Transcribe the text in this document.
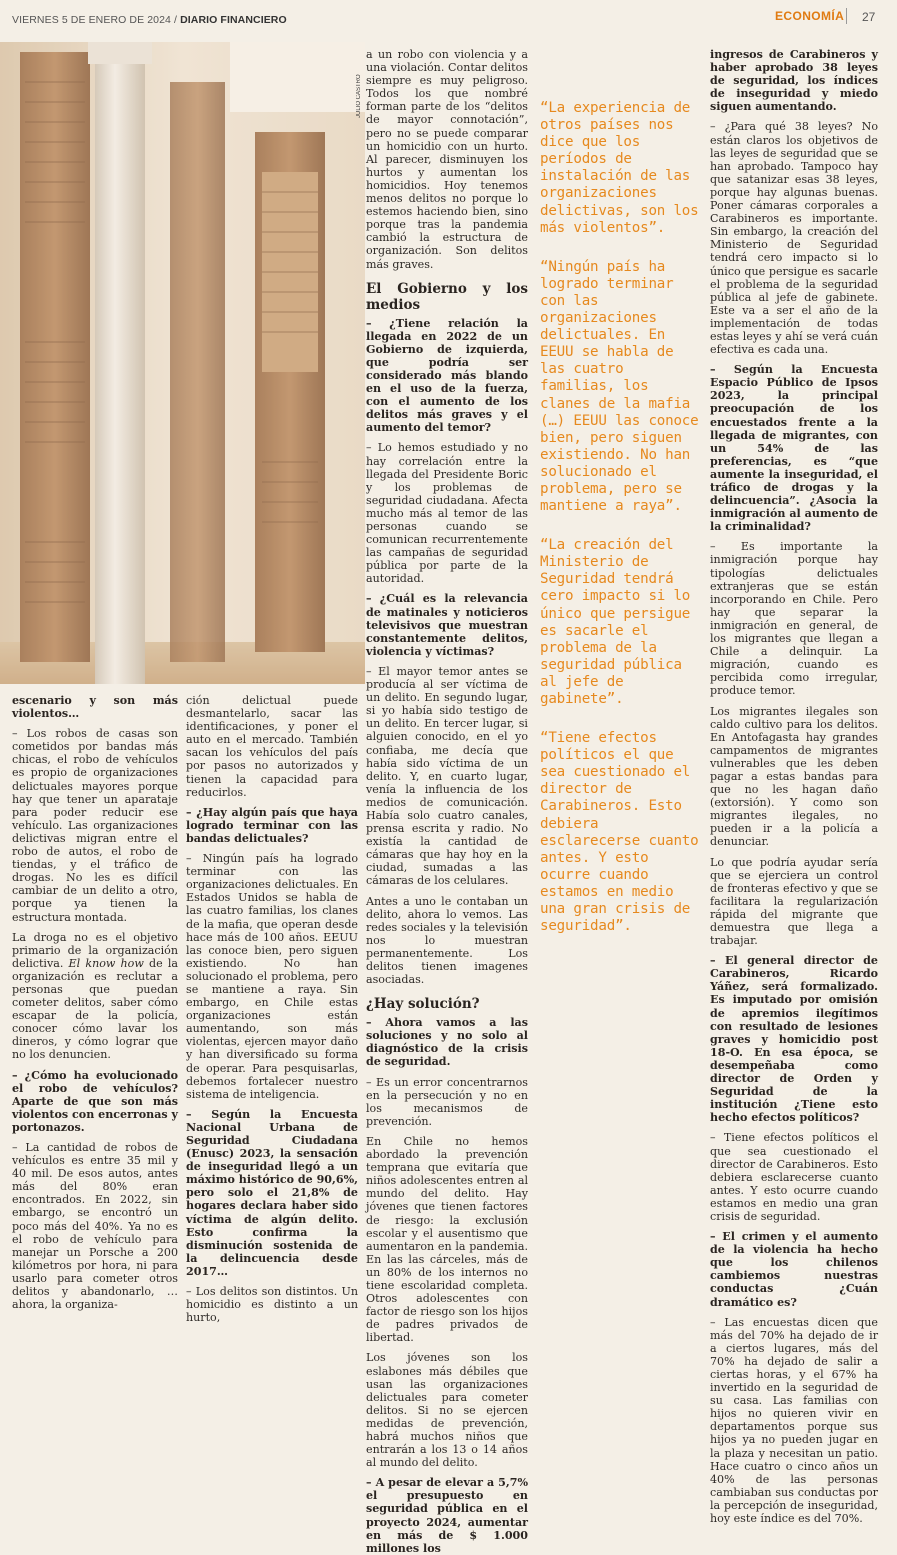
VIERNES 5 DE ENERO DE 2024 / DIARIO FINANCIERO	ECONOMÍA 27
JULIO CASTRO

escenario y son más violentos…

– Los robos de casas son cometidos por bandas más chicas, el robo de vehículos es propio de organizaciones delictuales mayores porque hay que tener un aparataje para poder reducir ese vehículo. Las organizaciones delictivas migran entre el robo de autos, el robo de tiendas, y el tráfico de drogas. No les es difícil cambiar de un delito a otro, porque ya tienen la estructura montada.

La droga no es el objetivo primario de la organización delictiva. El know how de la organización es reclutar a personas que puedan cometer delitos, saber cómo escapar de la policía, conocer cómo lavar los dineros, y cómo lograr que no los denuncien.

– ¿Cómo ha evolucionado el robo de vehículos? Aparte de que son más violentos con encerronas y portonazos.

– La cantidad de robos de vehículos es entre 35 mil y 40 mil. De esos autos, antes más del 80% eran encontrados. En 2022, sin embargo, se encontró un poco más del 40%. Ya no es el robo de vehículo para manejar un Porsche a 200 kilómetros por hora, ni para usarlo para cometer otros delitos y abandonarlo, … ahora, la organiza-

ción delictual puede desmantelarlo, sacar las identificaciones, y poner el auto en el mercado. También sacan los vehículos del país por pasos no autorizados y tienen la capacidad para reducirlos.

– ¿Hay algún país que haya logrado terminar con las bandas delictuales?

– Ningún país ha logrado terminar con las organizaciones delictuales. En Estados Unidos se habla de las cuatro familias, los clanes de la mafia, que operan desde hace más de 100 años. EEUU las conoce bien, pero siguen existiendo. No han solucionado el problema, pero se mantiene a raya. Sin embargo, en Chile estas organizaciones están aumentando, son más violentas, ejercen mayor daño y han diversificado su forma de operar. Para pesquisarlas, debemos fortalecer nuestro sistema de inteligencia.

– Según la Encuesta Nacional Urbana de Seguridad Ciudadana (Enusc) 2023, la sensación de inseguridad llegó a un máximo histórico de 90,6%, pero solo el 21,8% de hogares declara haber sido víctima de algún delito. Esto confirma la disminución sostenida de la delincuencia desde 2017…

– Los delitos son distintos. Un homicidio es distinto a un hurto,

a un robo con violencia y a una violación. Contar delitos siempre es muy peligroso. Todos los que nombré forman parte de los “delitos de mayor connotación”, pero no se puede comparar un homicidio con un hurto. Al parecer, disminuyen los hurtos y aumentan los homicidios. Hoy tenemos menos delitos no porque lo estemos haciendo bien, sino porque tras la pandemia cambió la estructura de organización. Son delitos más graves.

El Gobierno y los medios

– ¿Tiene relación la llegada en 2022 de un Gobierno de izquierda, que podría ser considerado más blando en el uso de la fuerza, con el aumento de los delitos más graves y el aumento del temor?

– Lo hemos estudiado y no hay correlación entre la llegada del Presidente Boric y los problemas de seguridad ciudadana. Afecta mucho más al temor de las personas cuando se comunican recurrentemente las campañas de seguridad pública por parte de la autoridad.

– ¿Cuál es la relevancia de matinales y noticieros televisivos que muestran constantemente delitos, violencia y víctimas?

– El mayor temor antes se producía al ser víctima de un delito. En segundo lugar, si yo había sido testigo de un delito. En tercer lugar, si alguien conocido, en el yo confiaba, me decía que había sido víctima de un delito. Y, en cuarto lugar, venía la influencia de los medios de comunicación. Había solo cuatro canales, prensa escrita y radio. No existía la cantidad de cámaras que hay hoy en la ciudad, sumadas a las cámaras de los celulares.

Antes a uno le contaban un delito, ahora lo vemos. Las redes sociales y la televisión nos lo muestran permanentemente. Los delitos tienen imagenes asociadas.

¿Hay solución?

– Ahora vamos a las soluciones y no solo al diagnóstico de la crisis de seguridad.

– Es un error concentrarnos en la persecución y no en los mecanismos de prevención.

En Chile no hemos abordado la prevención temprana que evitaría que niños adolescentes entren al mundo del delito. Hay jóvenes que tienen factores de riesgo: la exclusión escolar y el ausentismo que aumentaron en la pandemia. En las las cárceles, más de un 80% de los internos no tiene escolaridad completa. Otros adolescentes con factor de riesgo son los hijos de padres privados de libertad.

Los jóvenes son los eslabones más débiles que usan las organizaciones delictuales para cometer delitos. Si no se ejercen medidas de prevención, habrá muchos niños que entrarán a los 13 o 14 años al mundo del delito.

– A pesar de elevar a 5,7% el presupuesto en seguridad pública en el proyecto 2024, aumentar en más de $ 1.000 millones los

“La experiencia de otros países nos dice que los períodos de instalación de las organizaciones delictivas, son los más violentos”.

“Ningún país ha logrado terminar con las organizaciones delictuales. En EEUU se habla de las cuatro familias, los clanes de la mafia (…) EEUU las conoce bien, pero siguen existiendo. No han solucionado el problema, pero se mantiene a raya”.

“La creación del Ministerio de Seguridad tendrá cero impacto si lo único que persigue es sacarle el problema de la seguridad pública al jefe de gabinete”.

“Tiene efectos políticos el que sea cuestionado el director de Carabineros. Esto debiera esclarecerse cuanto antes. Y esto ocurre cuando estamos en medio una gran crisis de seguridad”.

ingresos de Carabineros y haber aprobado 38 leyes de seguridad, los índices de inseguridad y miedo siguen aumentando.

– ¿Para qué 38 leyes? No están claros los objetivos de las leyes de seguridad que se han aprobado. Tampoco hay que satanizar esas 38 leyes, porque hay algunas buenas. Poner cámaras corporales a Carabineros es importante. Sin embargo, la creación del Ministerio de Seguridad tendrá cero impacto si lo único que persigue es sacarle el problema de la seguridad pública al jefe de gabinete. Este va a ser el año de la implementación de todas estas leyes y ahí se verá cuán efectiva es cada una.

– Según la Encuesta Espacio Público de Ipsos 2023, la principal preocupación de los encuestados frente a la llegada de migrantes, con un 54% de las preferencias, es “que aumente la inseguridad, el tráfico de drogas y la delincuencia”. ¿Asocia la inmigración al aumento de la criminalidad?

– Es importante la inmigración porque hay tipologías delictuales extranjeras que se están incorporando en Chile. Pero hay que separar la inmigración en general, de los migrantes que llegan a Chile a delinquir. La migración, cuando es percibida como irregular, produce temor.

Los migrantes ilegales son caldo cultivo para los delitos. En Antofagasta hay grandes campamentos de migrantes vulnerables que les deben pagar a estas bandas para que no les hagan daño (extorsión). Y como son migrantes ilegales, no pueden ir a la policía a denunciar.

Lo que podría ayudar sería que se ejerciera un control de fronteras efectivo y que se facilitara la regularización rápida del migrante que demuestra que llega a trabajar.

– El general director de Carabineros, Ricardo Yáñez, será formalizado. Es imputado por omisión de apremios ilegítimos con resultado de lesiones graves y homicidio post 18-O. En esa época, se desempeñaba como director de Orden y Seguridad de la institución ¿Tiene esto hecho efectos políticos?

– Tiene efectos políticos el que sea cuestionado el director de Carabineros. Esto debiera esclarecerse cuanto antes. Y esto ocurre cuando estamos en medio una gran crisis de seguridad.

– El crimen y el aumento de la violencia ha hecho que los chilenos cambiemos nuestras conductas ¿Cuán dramático es?

– Las encuestas dicen que más del 70% ha dejado de ir a ciertos lugares, más del 70% ha dejado de salir a ciertas horas, y el 67% ha invertido en la seguridad de su casa. Las familias con hijos no quieren vivir en departamentos porque sus hijos ya no pueden jugar en la plaza y necesitan un patio. Hace cuatro o cinco años un 40% de las personas cambiaban sus conductas por la percepción de inseguridad, hoy este índice es del 70%.
